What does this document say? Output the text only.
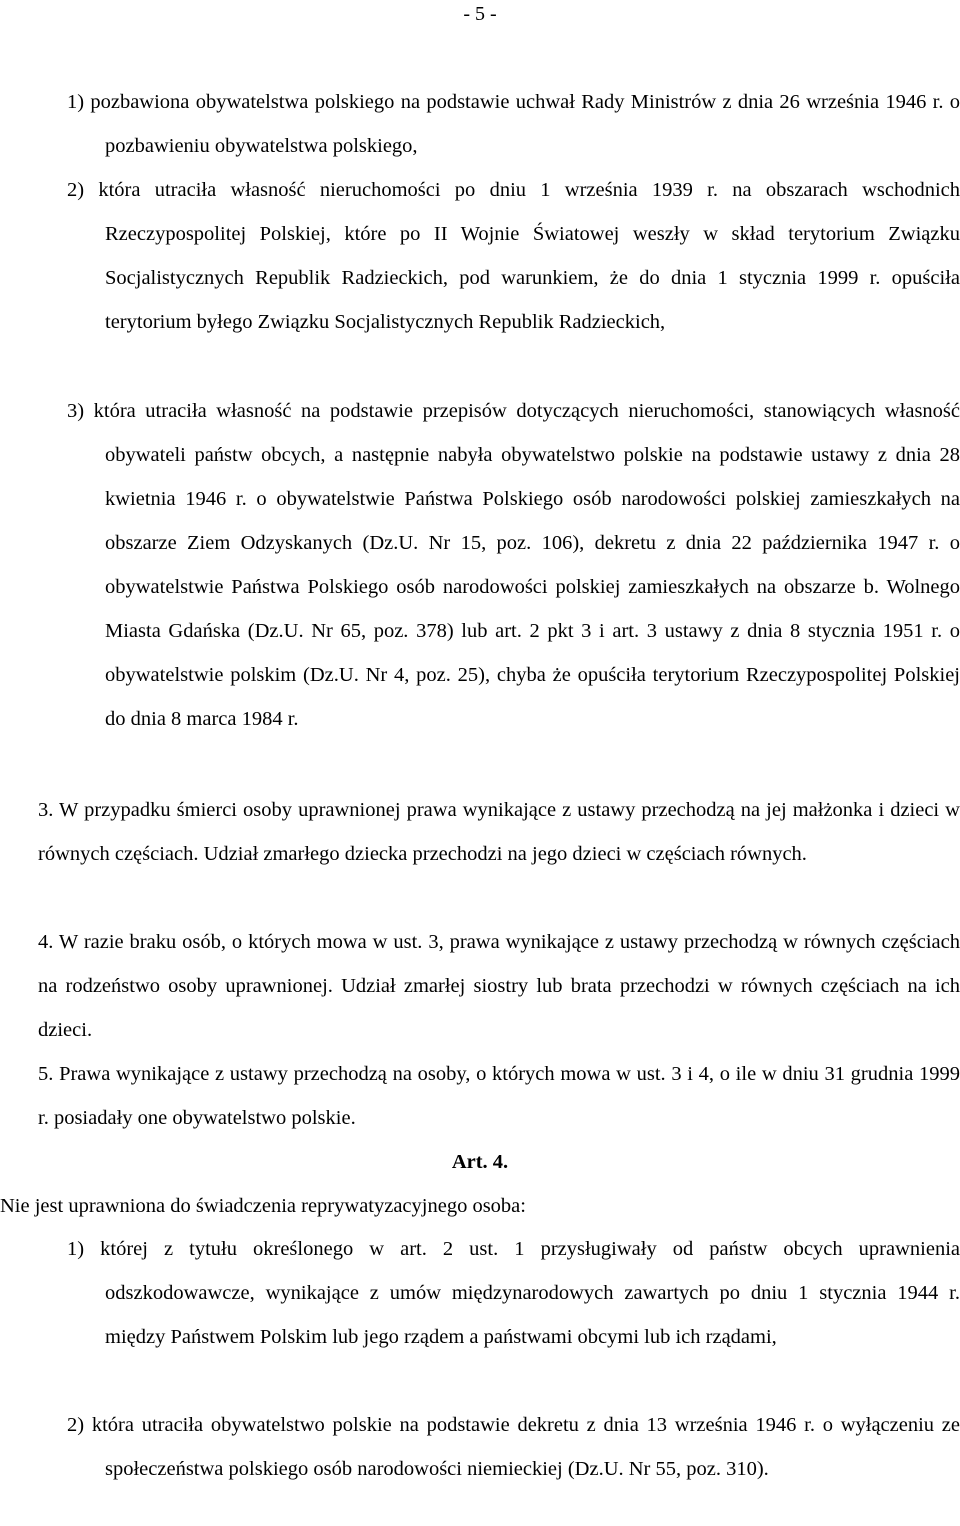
- 5 -

1) pozbawiona obywatelstwa polskiego na podstawie uchwał Rady Ministrów z dnia 26 września 1946 r. o pozbawieniu obywatelstwa polskiego,

2) która utraciła własność nieruchomości po dniu 1 września 1939 r. na obszarach wschodnich Rzeczypospolitej Polskiej, które po II Wojnie Światowej weszły w skład terytorium Związku Socjalistycznych Republik Radzieckich, pod warunkiem, że do dnia 1 stycznia 1999 r. opuściła terytorium byłego Związku Socjalistycznych Republik Radzieckich,

3) która utraciła własność na podstawie przepisów dotyczących nieruchomości, stanowiących własność obywateli państw obcych, a następnie nabyła obywatelstwo polskie na podstawie ustawy z dnia 28 kwietnia 1946 r. o obywatelstwie Państwa Polskiego osób narodowości polskiej zamieszkałych na obszarze Ziem Odzyskanych (Dz.U. Nr 15, poz. 106), dekretu z dnia 22 października 1947 r. o obywatelstwie Państwa Polskiego osób narodowości polskiej zamieszkałych na obszarze b. Wolnego Miasta Gdańska (Dz.U. Nr 65, poz. 378) lub art. 2 pkt 3 i art. 3 ustawy z dnia 8 stycznia 1951 r. o obywatelstwie polskim (Dz.U. Nr 4, poz. 25), chyba że opuściła terytorium Rzeczypospolitej Polskiej do dnia 8 marca 1984 r.

3. W przypadku śmierci osoby uprawnionej prawa wynikające z ustawy przechodzą na jej małżonka i dzieci w równych częściach. Udział zmarłego dziecka przechodzi na jego dzieci w częściach równych.

4. W razie braku osób, o których mowa w ust. 3, prawa wynikające z ustawy przechodzą w równych częściach na rodzeństwo osoby uprawnionej. Udział zmarłej siostry lub brata przechodzi w równych częściach na ich dzieci.

5. Prawa wynikające z ustawy przechodzą na osoby, o których mowa w ust. 3 i 4, o ile w dniu 31 grudnia 1999 r. posiadały one obywatelstwo polskie.

Art. 4.
Nie jest uprawniona do świadczenia reprywatyzacyjnego osoba:

1) której z tytułu określonego w art. 2 ust. 1 przysługiwały od państw obcych uprawnienia odszkodowawcze, wynikające z umów międzynarodowych zawartych po dniu 1 stycznia 1944 r. między Państwem Polskim lub jego rządem a państwami obcymi lub ich rządami,

2) która utraciła obywatelstwo polskie na podstawie dekretu z dnia 13 września 1946 r. o wyłączeniu ze społeczeństwa polskiego osób narodowości niemieckiej (Dz.U. Nr 55, poz. 310).
